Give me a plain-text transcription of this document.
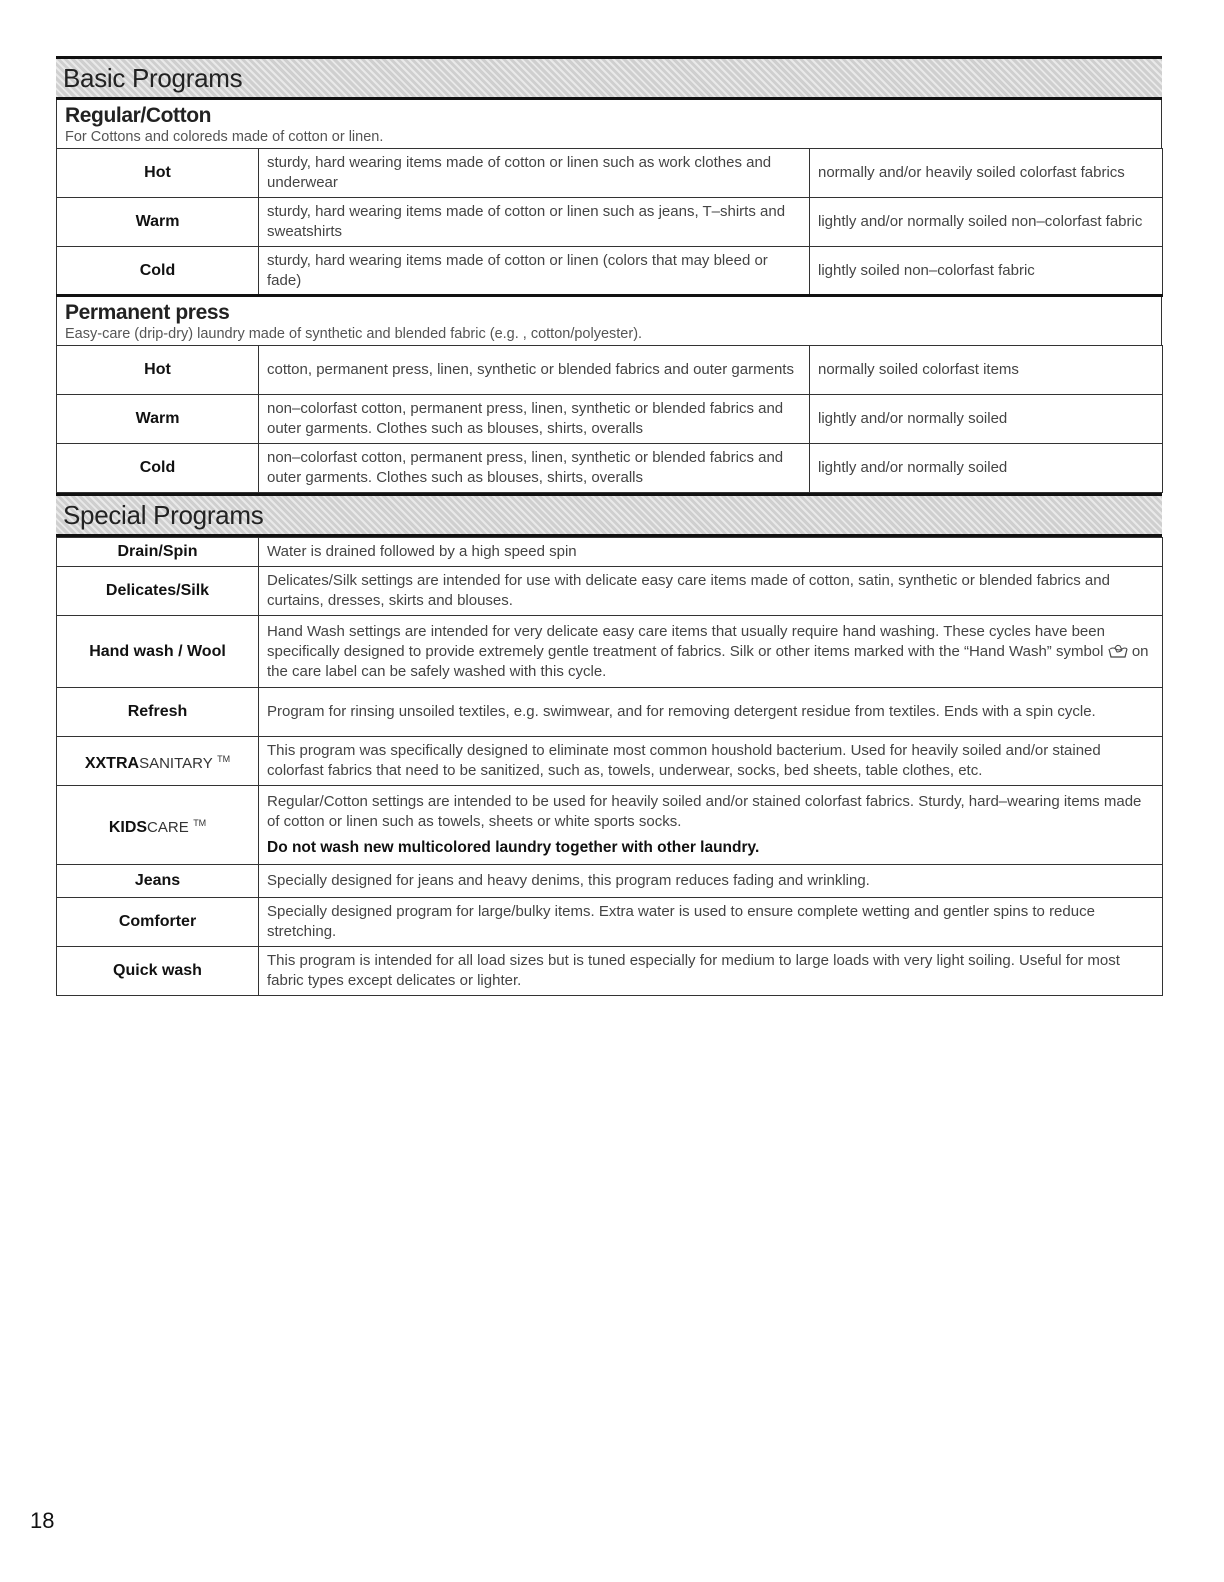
Basic Programs
Regular/Cotton
For Cottons and coloreds made of cotton or linen.
Hot	sturdy, hard wearing items made of cotton or linen such as work clothes and underwear	normally and/or heavily soiled colorfast fabrics
Warm	sturdy, hard wearing items made of cotton or linen such as jeans, T–shirts and sweatshirts	lightly and/or normally soiled non–colorfast fabric
Cold	sturdy, hard wearing items made of cotton or linen (colors that may bleed or fade)	lightly soiled non–colorfast fabric
Permanent press
Easy-care (drip-dry) laundry made of synthetic and blended fabric (e.g. , cotton/polyester).
Hot	cotton, permanent press, linen, synthetic or blended fabrics and outer garments	normally soiled colorfast items
Warm	non–colorfast cotton, permanent press, linen, synthetic or blended fabrics and outer garments. Clothes such as blouses, shirts, overalls	lightly and/or normally soiled
Cold	non–colorfast cotton, permanent press, linen, synthetic or blended fabrics and outer garments. Clothes such as blouses, shirts, overalls	lightly and/or normally soiled
Special Programs
Drain/Spin	Water is drained followed by a high speed spin
Delicates/Silk	Delicates/Silk settings are intended for use with delicate easy care items made of cotton, satin, synthetic or blended fabrics and curtains, dresses, skirts and blouses.
Hand wash / Wool	Hand Wash settings are intended for very delicate easy care items that usually require hand washing. These cycles have been specifically designed to provide extremely gentle treatment of fabrics. Silk or other items marked with the “Hand Wash” symbol on the care label can be safely washed with this cycle.
Refresh	Program for rinsing unsoiled textiles, e.g. swimwear, and for removing detergent residue from textiles. Ends with a spin cycle.
XXTRASANITARY ™	This program was specifically designed to eliminate most common houshold bacterium. Used for heavily soiled and/or stained colorfast fabrics that need to be sanitized, such as, towels, underwear, socks, bed sheets, table clothes, etc.
KIDSCARE ™	Regular/Cotton settings are intended to be used for heavily soiled and/or stained colorfast fabrics. Sturdy, hard–wearing items made of cotton or linen such as towels, sheets or white sports socks.
Do not wash new multicolored laundry together with other laundry.

Jeans	Specially designed for jeans and heavy denims, this program reduces fading and wrinkling.
Comforter	Specially designed program for large/bulky items. Extra water is used to ensure complete wetting and gentler spins to reduce stretching.
Quick wash	This program is intended for all load sizes but is tuned especially for medium to large loads with very light soiling. Useful for most fabric types except delicates or lighter.
18
